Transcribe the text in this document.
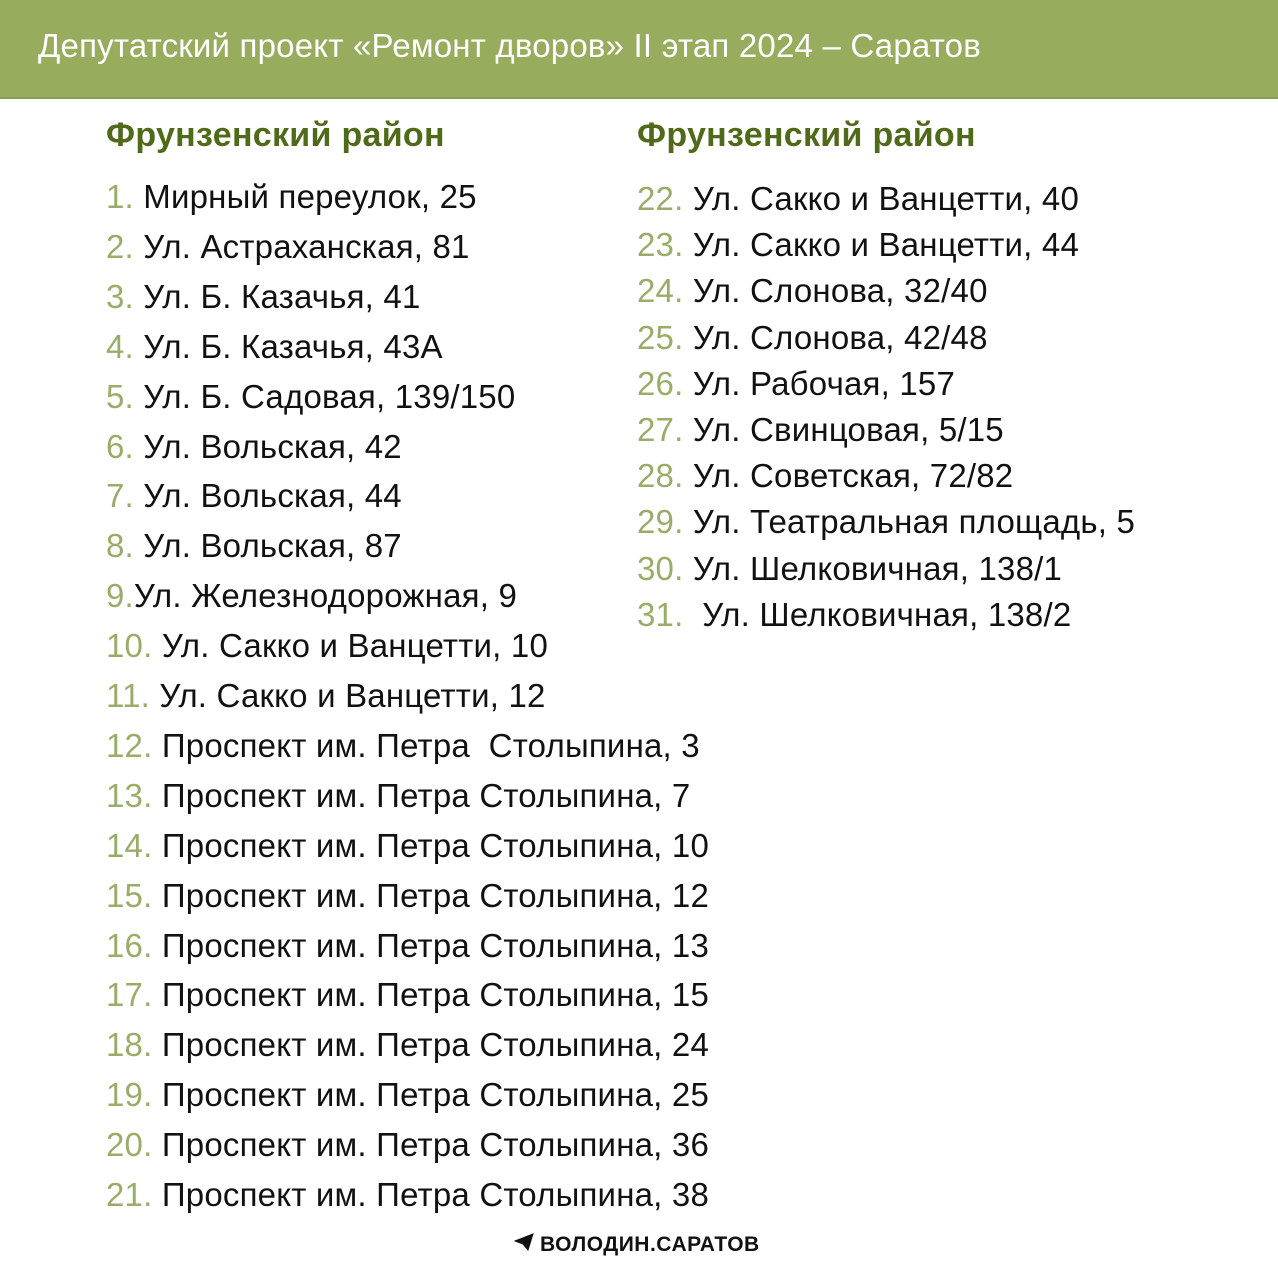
Депутатский проект «Ремонт дворов» II этап 2024 – Саратов
Фрунзенский район	Фрунзенский район
1. Мирный переулок, 25
2. Ул. Астраханская, 81
3. Ул. Б. Казачья, 41
4. Ул. Б. Казачья, 43А
5. Ул. Б. Садовая, 139/150
6. Ул. Вольская, 42
7. Ул. Вольская, 44
8. Ул. Вольская, 87
9.Ул. Железнодорожная, 9
10. Ул. Сакко и Ванцетти, 10
11. Ул. Сакко и Ванцетти, 12
12. Проспект им. Петра  Столыпина, 3
13. Проспект им. Петра Столыпина, 7
14. Проспект им. Петра Столыпина, 10
15. Проспект им. Петра Столыпина, 12
16. Проспект им. Петра Столыпина, 13
17. Проспект им. Петра Столыпина, 15
18. Проспект им. Петра Столыпина, 24
19. Проспект им. Петра Столыпина, 25
20. Проспект им. Петра Столыпина, 36
21. Проспект им. Петра Столыпина, 38
22. Ул. Сакко и Ванцетти, 40
23. Ул. Сакко и Ванцетти, 44
24. Ул. Слонова, 32/40
25. Ул. Слонова, 42/48
26. Ул. Рабочая, 157
27. Ул. Свинцовая, 5/15
28. Ул. Советская, 72/82
29. Ул. Театральная площадь, 5
30. Ул. Шелковичная, 138/1
31.  Ул. Шелковичная, 138/2
ВОЛОДИН.САРАТОВ
